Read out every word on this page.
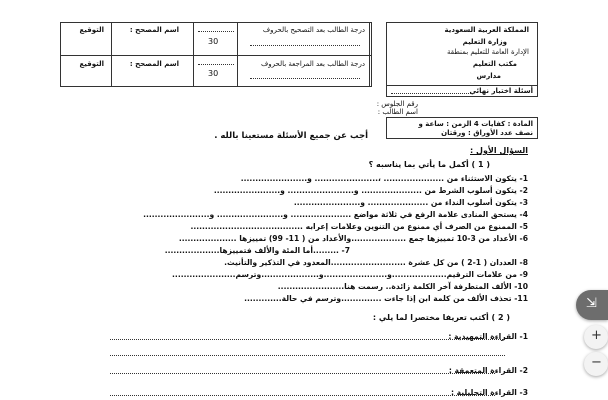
المملكة العربية السعودية
وزارة التعليم
الإدارة العامة للتعليم بمنطقة
مكتب التعليم
مدارس
درجة الطالب بعد التصحيح بالحروف
30
اسم المصحح :
التوقيع
درجة الطالب بعد المراجعة بالحروف
30
اسم المصحح :
التوقيع
أسئلة اختبار نهائي
رقم الجلوس :
اسم الطالب :
المادة : كفايات 4 الزمن : ساعة و
نصف عدد الأوراق : ورقتان
أجب عن جميع الأسئلة مستعينا بالله .
السؤال الأول :
( 1 ) أكمل ما يأتي بما يناسبه ؟
1- يتكون الاستثناء من ..................... ،...................... و.......................
2- يتكون أسلوب الشرط من ..................... و....................... و.......................
3- يتكون أسلوب النداء من ..................... و.......................
4- يستحق المنادى علامة الرفع في ثلاثة مواضع ..................... و....................... و.......................
5- الممنوع من الصرف أي ممنوع من التنوين وعلامات إعرابه .......................................
6- الأعداد من 3-10 تمييزها جمع ...................والأعداد من ( 11- 99) تمييزها ....................
7- .........أما المئة والألف فتمييزها...................
8- العددان ( 1-2 ) من كل عشرة ..........................المعدود في التذكير والتأنيث.
9- من علامات الترقيم...................و......................و....................وترسم......................
10- الألف المتطرفة آخر الكلمة زائدة.. رسمت هنا.......................
11- تحذف الألف من كلمة ابن إذا جاءت ..............وترسم في حالة.............
( 2 ) أكتب تعريفا مختصرا لما يلي :
1- القراءة التمهيدية :
2- القراءة المتعمقة :
3- القراءة التحليلية :
⇲
+
−
